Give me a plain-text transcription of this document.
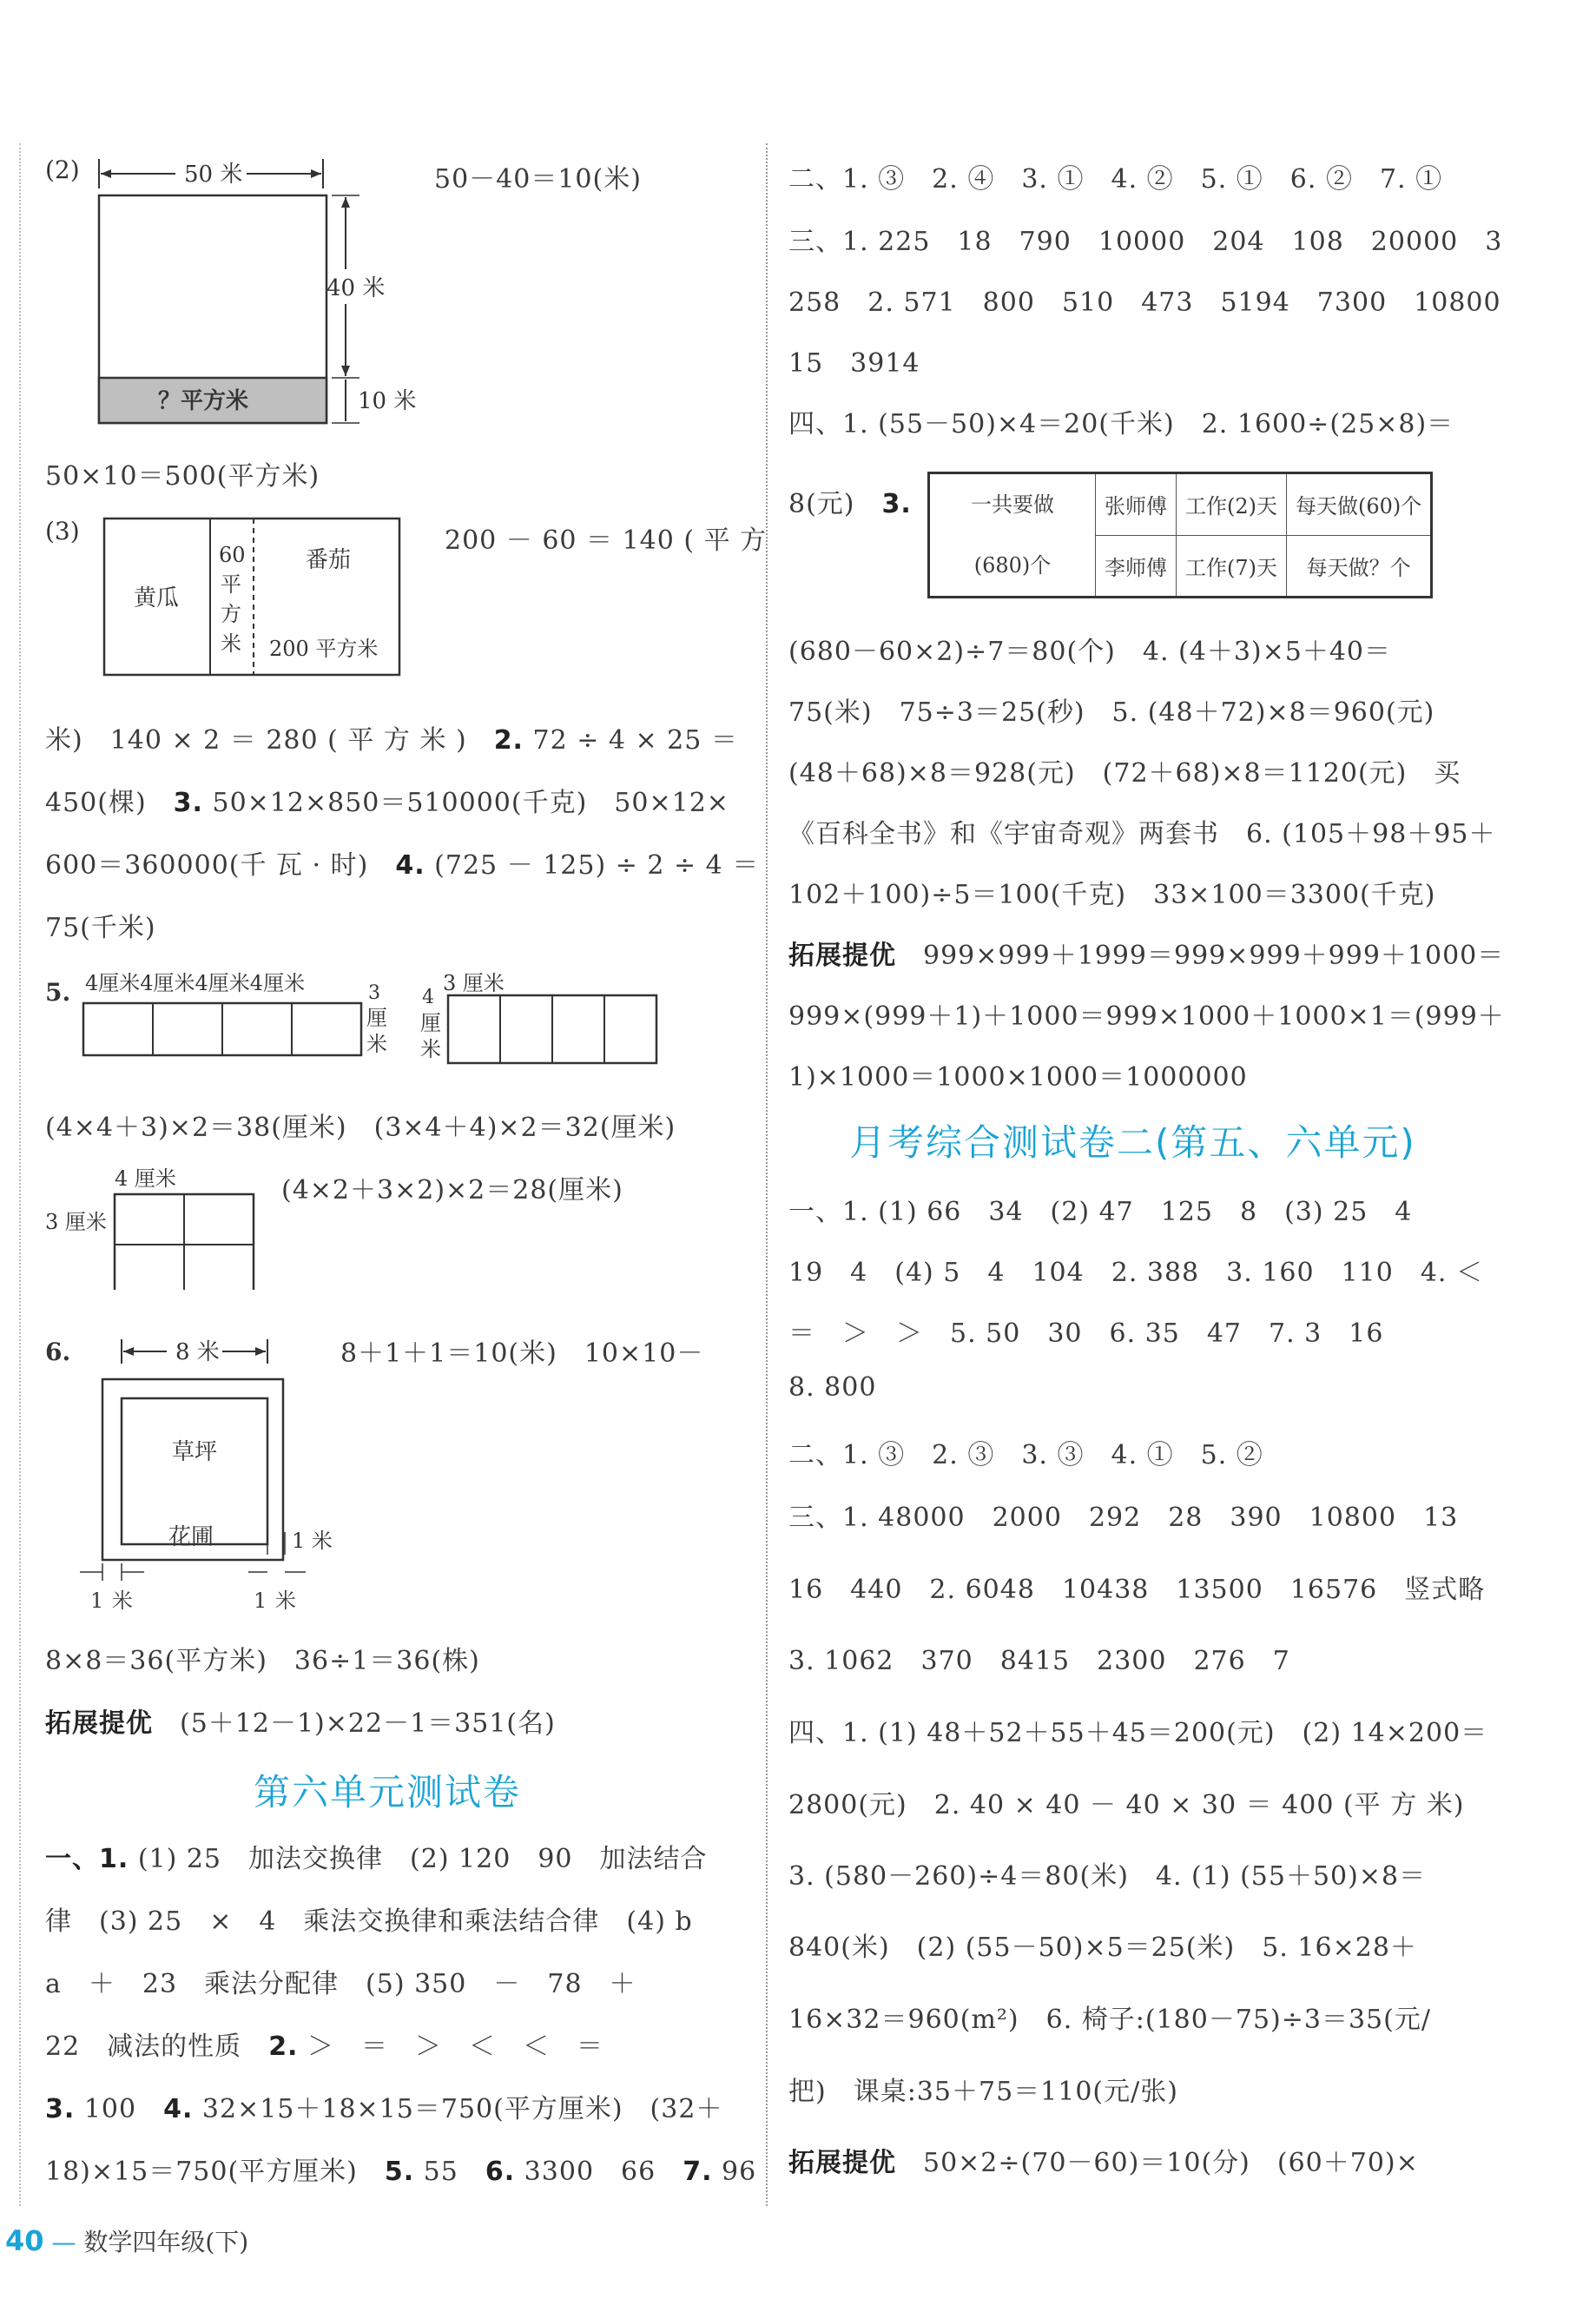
(2)	50 米
？平方米
40 米
10 米
50－40＝10(米)
50×10＝500(平方米)
(3)
黄瓜
60
平
方
米
番茄
200 平方米
200 － 60 ＝ 140 ( 平 方
米)　140 × 2 ＝ 280 ( 平 方 米 )　2. 72 ÷ 4 × 25 ＝
450(棵)　3. 50×12×850＝510000(千克)　50×12×
600＝360000(千 瓦 · 时)　4. (725 － 125) ÷ 2 ÷ 4 ＝
75(千米)
5. 4厘米4厘米4厘米4厘米	3
厘
米
3 厘米
4
厘
米
(4×4＋3)×2＝38(厘米)　(3×4＋4)×2＝32(厘米)
4 厘米
3 厘米
(4×2＋3×2)×2＝28(厘米)
6.	8 米
草坪
花圃	1 米
1 米	1 米
8＋1＋1＝10(米)　10×10－
8×8＝36(平方米)　36÷1＝36(株)
拓展提优　(5＋12－1)×22－1＝351(名)
第六单元测试卷
一、1. (1) 25　加法交换律　(2) 120　90　加法结合
律　(3) 25　×　4　乘法交换律和乘法结合律　(4) b
a　＋　23　乘法分配律　(5) 350　－　78　＋
22　减法的性质　2. ＞　＝　＞　＜　＜　＝
3. 100　4. 32×15＋18×15＝750(平方厘米)　(32＋
18)×15＝750(平方厘米)　5. 55　6. 3300　66　7. 96
40 — 数学四年级(下)
二、1. ③　2. ④　3. ①　4. ②　5. ①　6. ②　7. ①
三、1. 225　18　790　10000　204　108　20000　3
258　2. 571　800　510　473　5194　7300　10800
15　3914
四、1. (55－50)×4＝20(千米)　2. 1600÷(25×8)＝
8(元)　3.	一共要做
(680)个	张师傅	工作(2)天	每天做(60)个
	李师傅	工作(7)天	每天做？个
(680－60×2)÷7＝80(个)　4. (4＋3)×5＋40＝
75(米)　75÷3＝25(秒)　5. (48＋72)×8＝960(元)
(48＋68)×8＝928(元)　(72＋68)×8＝1120(元)　买
《百科全书》和《宇宙奇观》两套书　6. (105＋98＋95＋
102＋100)÷5＝100(千克)　33×100＝3300(千克)
拓展提优　999×999＋1999＝999×999＋999＋1000＝
999×(999＋1)＋1000＝999×1000＋1000×1＝(999＋
1)×1000＝1000×1000＝1000000
月考综合测试卷二(第五、六单元)
一、1. (1) 66　34　(2) 47　125　8　(3) 25　4
19　4　(4) 5　4　104　2. 388　3. 160　110　4. ＜
＝　＞　＞　5. 50　30　6. 35　47　7. 3　16
8. 800
二、1. ③　2. ③　3. ③　4. ①　5. ②
三、1. 48000　2000　292　28　390　10800　13
16　440　2. 6048　10438　13500　16576　竖式略
3. 1062　370　8415　2300　276　7
四、1. (1) 48＋52＋55＋45＝200(元)　(2) 14×200＝
2800(元)　2. 40 × 40 － 40 × 30 ＝ 400 (平 方 米)
3. (580－260)÷4＝80(米)　4. (1) (55＋50)×8＝
840(米)　(2) (55－50)×5＝25(米)　5. 16×28＋
16×32＝960(m²)　6. 椅子:(180－75)÷3＝35(元/
把)　课桌:35＋75＝110(元/张)
拓展提优　50×2÷(70－60)＝10(分)　(60＋70)×
